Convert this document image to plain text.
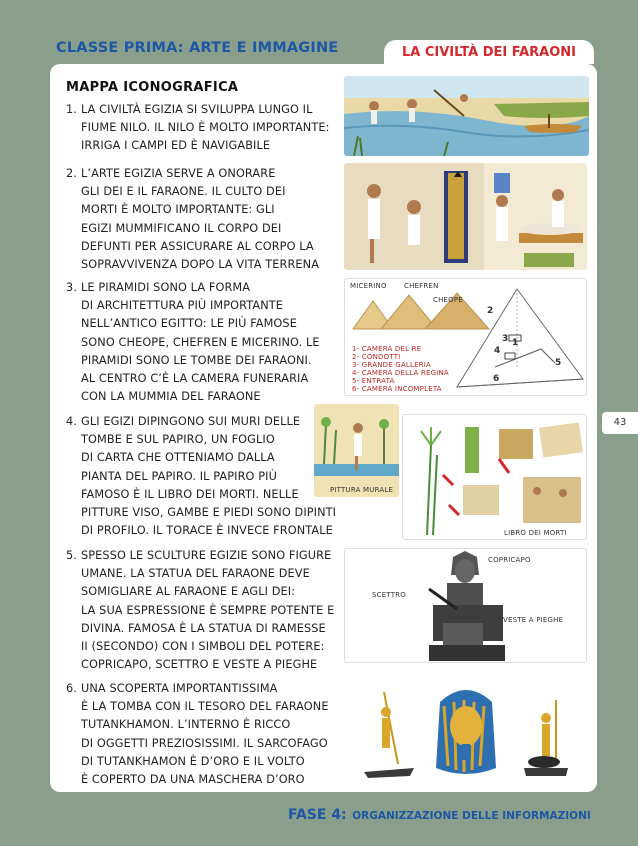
CLASSE PRIMA: ARTE E IMMAGINE	LA CIVILTÀ DEI FARAONI
MAPPA ICONOGRAFICA
1. LA CIVILTÀ EGIZIA SI SVILUPPA LUNGO IL
FIUME NILO. IL NILO È MOLTO IMPORTANTE:
IRRIGA I CAMPI ED È NAVIGABILE
2. L’ARTE EGIZIA SERVE A ONORARE
GLI DEI E IL FARAONE. IL CULTO DEI
MORTI È MOLTO IMPORTANTE: GLI
EGIZI MUMMIFICANO IL CORPO DEI
DEFUNTI PER ASSICURARE AL CORPO LA
SOPRAVVIVENZA DOPO LA VITA TERRENA
3. LE PIRAMIDI SONO LA FORMA
DI ARCHITETTURA PIÙ IMPORTANTE
NELL’ANTICO EGITTO: LE PIÙ FAMOSE
SONO CHEOPE, CHEFREN E MICERINO. LE
PIRAMIDI SONO LE TOMBE DEI FARAONI.
AL CENTRO C’È LA CAMERA FUNERARIA
CON LA MUMMIA DEL FARAONE
4. GLI EGIZI DIPINGONO SUI MURI DELLE
TOMBE E SUL PAPIRO, UN FOGLIO
DI CARTA CHE OTTENIAMO DALLA
PIANTA DEL PAPIRO. IL PAPIRO PIÙ
FAMOSO È IL LIBRO DEI MORTI. NELLE
PITTURE VISO, GAMBE E PIEDI SONO DIPINTI
DI PROFILO. IL TORACE È INVECE FRONTALE
5. SPESSO LE SCULTURE EGIZIE SONO FIGURE
UMANE. LA STATUA DEL FARAONE DEVE
SOMIGLIARE AL FARAONE E AGLI DEI:
LA SUA ESPRESSIONE È SEMPRE POTENTE E
DIVINA. FAMOSA È LA STATUA DI RAMESSE
II (SECONDO) CON I SIMBOLI DEL POTERE:
COPRICAPO, SCETTRO E VESTE A PIEGHE
6. UNA SCOPERTA IMPORTANTISSIMA
È LA TOMBA CON IL TESORO DEL FARAONE
TUTANKHAMON. L’INTERNO È RICCO
DI OGGETTI PREZIOSISSIMI. IL SARCOFAGO
DI TUTANKHAMON È D’ORO E IL VOLTO
È COPERTO DA UNA MASCHERA D’ORO
MICERINO CHEFREN
CHEOPE
1- CAMERA DEL RE
2- CONDOTTI
3- GRANDE GALLERIA
4- CAMERA DELLA REGINA
5- ENTRATA
6- CAMERA INCOMPLETA
1
2
3
4
5
6
PITTURA MURALE
LIBRO DEI MORTI
COPRICAPO
SCETTRO
VESTE A PIEGHE
43
FASE 4: ORGANIZZAZIONE DELLE INFORMAZIONI
